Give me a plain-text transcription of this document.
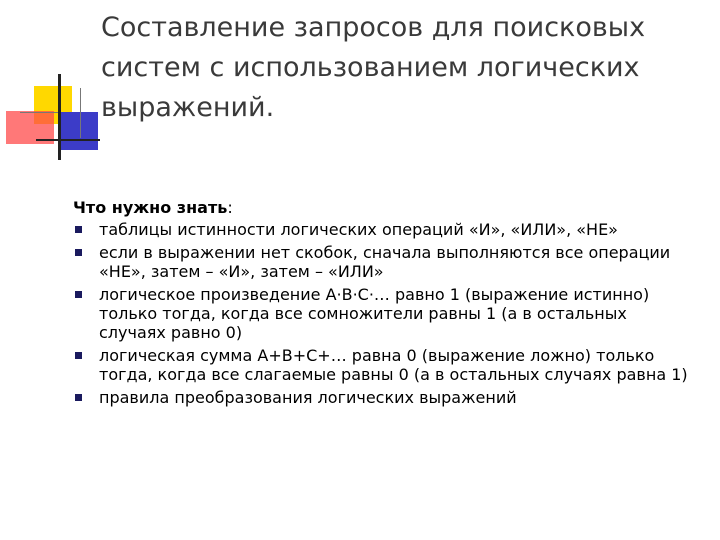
Составление запросов для поисковых систем с использованием логических выражений.
Что нужно знать:
таблицы истинности логических операций «И», «ИЛИ», «НЕ»
если в выражении нет скобок, сначала выполняются все операции «НЕ», затем – «И», затем – «ИЛИ»
логическое произведение A·B·C·… равно 1 (выражение истинно) только тогда, когда все сомножители равны 1 (а в остальных случаях равно 0)
логическая сумма A+B+C+… равна 0 (выражение ложно) только тогда, когда все слагаемые равны 0 (а в остальных случаях равна 1)
правила преобразования логических выражений
